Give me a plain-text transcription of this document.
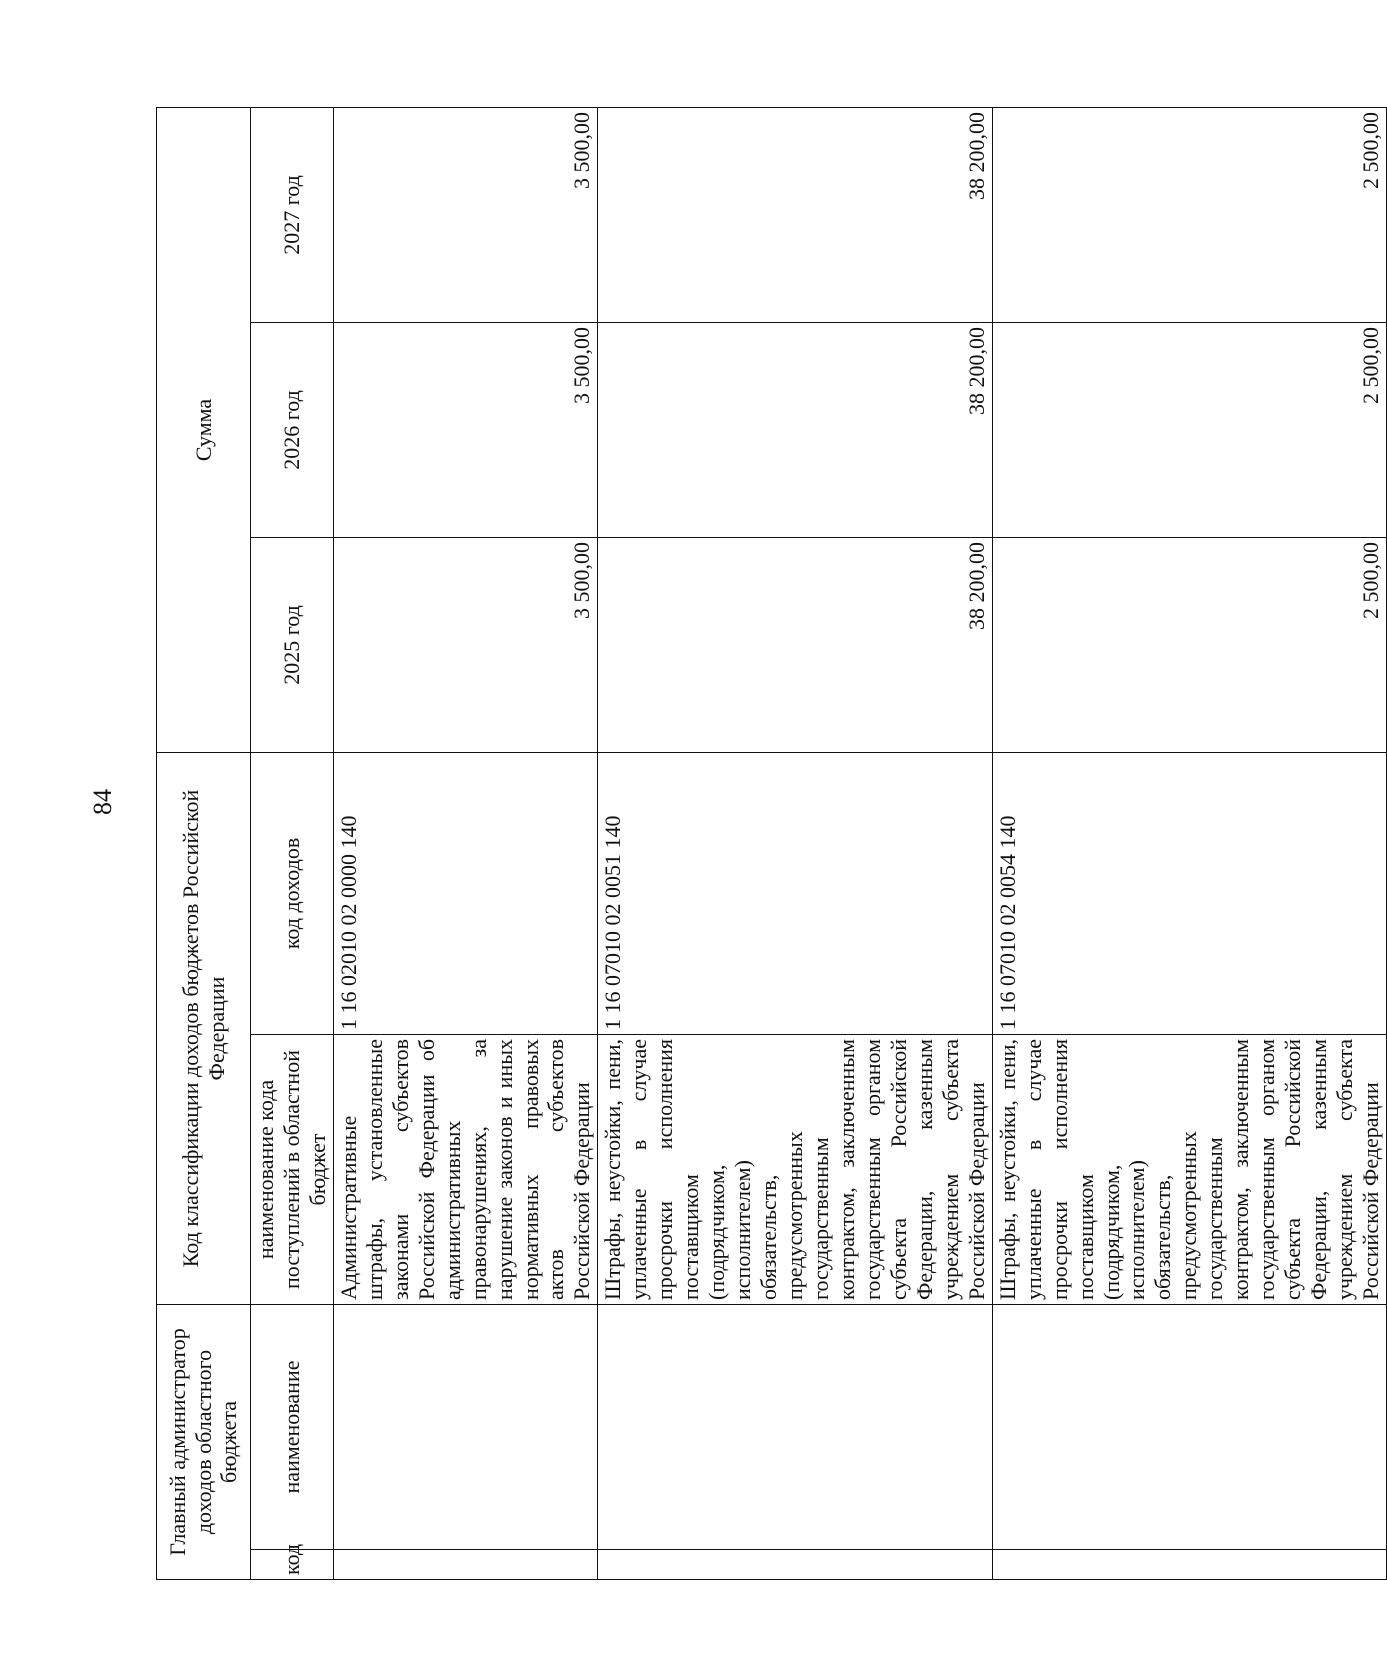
84
Главный администратор доходов областного бюджета		Код классификации доходов бюджетов Российской Федерации		Сумма		
код	наименование	наименование кода поступлений в областной бюджет	код доходов	2025 год	2026 год	2027 год
		Административные штрафы, установленные законами субъектов Российской Федерации об административных правонарушениях, за нарушение законов и иных нормативных правовых актов субъектов Российской Федерации	1 16 02010 02 0000 140	3 500,00	3 500,00	3 500,00
		Штрафы, неустойки, пени, уплаченные в случае просрочки исполнения поставщиком (подрядчиком, исполнителем) обязательств, предусмотренных государственным контрактом, заключенным государственным органом субъекта Российской Федерации, казенным учреждением субъекта Российской Федерации	1 16 07010 02 0051 140	38 200,00	38 200,00	38 200,00
		Штрафы, неустойки, пени, уплаченные в случае просрочки исполнения поставщиком (подрядчиком, исполнителем) обязательств, предусмотренных государственным контрактом, заключенным государственным органом субъекта Российской Федерации, казенным учреждением субъекта Российской Федерации	1 16 07010 02 0054 140	2 500,00	2 500,00	2 500,00
